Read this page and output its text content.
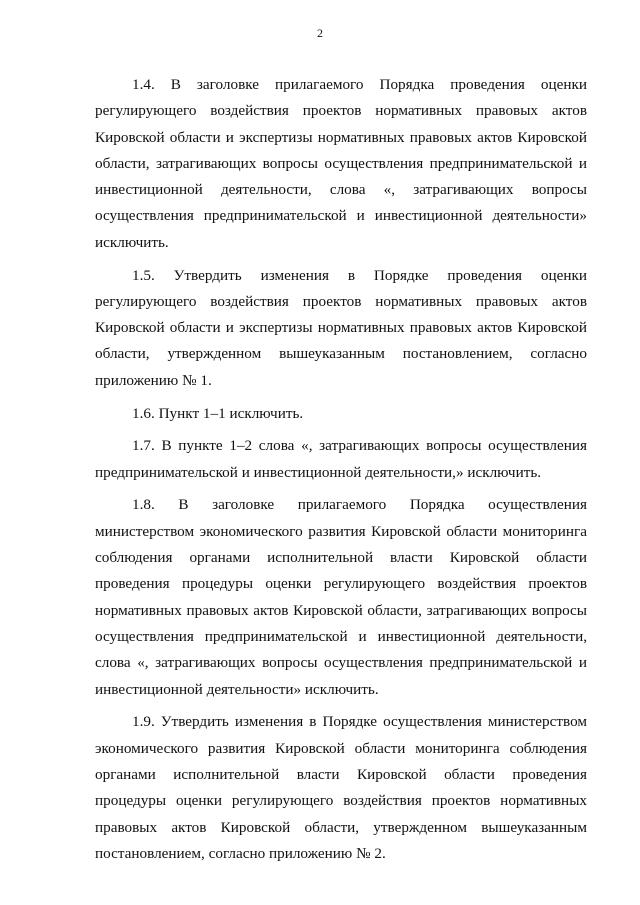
2

1.4. В заголовке прилагаемого Порядка проведения оценки регулирующего воздействия проектов нормативных правовых актов Кировской области и экспертизы нормативных правовых актов Кировской области, затрагивающих вопросы осуществления предпринимательской и инвестиционной деятельности, слова «, затрагивающих вопросы осуществления предпринимательской и инвестиционной деятельности» исключить.

1.5. Утвердить изменения в Порядке проведения оценки регулирующего воздействия проектов нормативных правовых актов Кировской области и экспертизы нормативных правовых актов Кировской области, утвержденном вышеуказанным постановлением, согласно приложению № 1.

1.6. Пункт 1–1 исключить.

1.7. В пункте 1–2 слова «, затрагивающих вопросы осуществления предпринимательской и инвестиционной деятельности,» исключить.

1.8. В заголовке прилагаемого Порядка осуществления министерством экономического развития Кировской области мониторинга соблюдения органами исполнительной власти Кировской области проведения процедуры оценки регулирующего воздействия проектов нормативных правовых актов Кировской области, затрагивающих вопросы осуществления предпринимательской и инвестиционной деятельности, слова «, затрагивающих вопросы осуществления предпринимательской и инвестиционной деятельности» исключить.

1.9. Утвердить изменения в Порядке осуществления министерством экономического развития Кировской области мониторинга соблюдения органами исполнительной власти Кировской области проведения процедуры оценки регулирующего воздействия проектов нормативных правовых актов Кировской области, утвержденном вышеуказанным постановлением, согласно приложению № 2.
